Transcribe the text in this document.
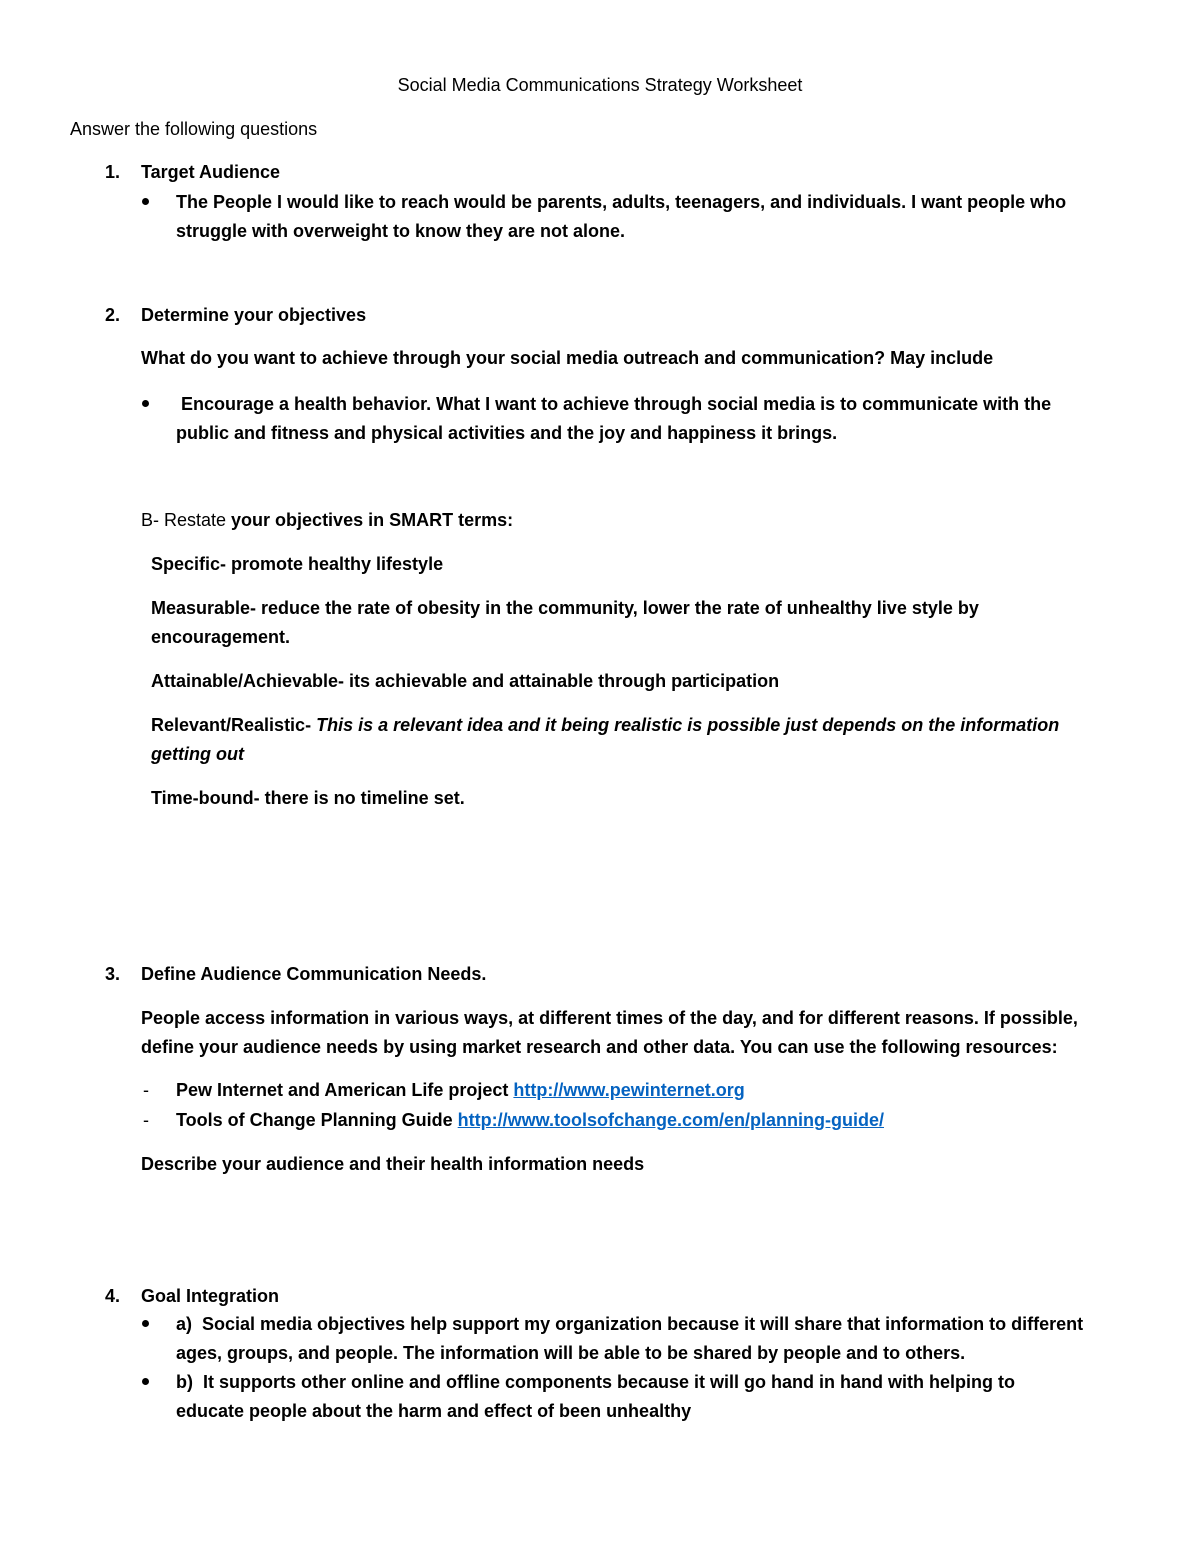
Social Media Communications Strategy Worksheet
Answer the following questions
1. Target Audience
The People I would like to reach would be parents, adults, teenagers, and individuals. I want people who
struggle with overweight to know they are not alone.
2. Determine your objectives
What do you want to achieve through your social media outreach and communication? May include
Encourage a health behavior. What I want to achieve through social media is to communicate with the
public and fitness and physical activities and the joy and happiness it brings.
B- Restate your objectives in SMART terms:
Specific- promote healthy lifestyle
Measurable- reduce the rate of obesity in the community, lower the rate of unhealthy live style by
encouragement.
Attainable/Achievable- its achievable and attainable through participation
Relevant/Realistic- This is a relevant idea and it being realistic is possible just depends on the information
getting out
Time-bound- there is no timeline set.
3. Define Audience Communication Needs.
People access information in various ways, at different times of the day, and for different reasons. If possible,
define your audience needs by using market research and other data. You can use the following resources:
- Pew Internet and American Life project http://www.pewinternet.org
- Tools of Change Planning Guide http://www.toolsofchange.com/en/planning-guide/
Describe your audience and their health information needs
4. Goal Integration
a)  Social media objectives help support my organization because it will share that information to different
ages, groups, and people. The information will be able to be shared by people and to others.
b)  It supports other online and offline components because it will go hand in hand with helping to
educate people about the harm and effect of been unhealthy
